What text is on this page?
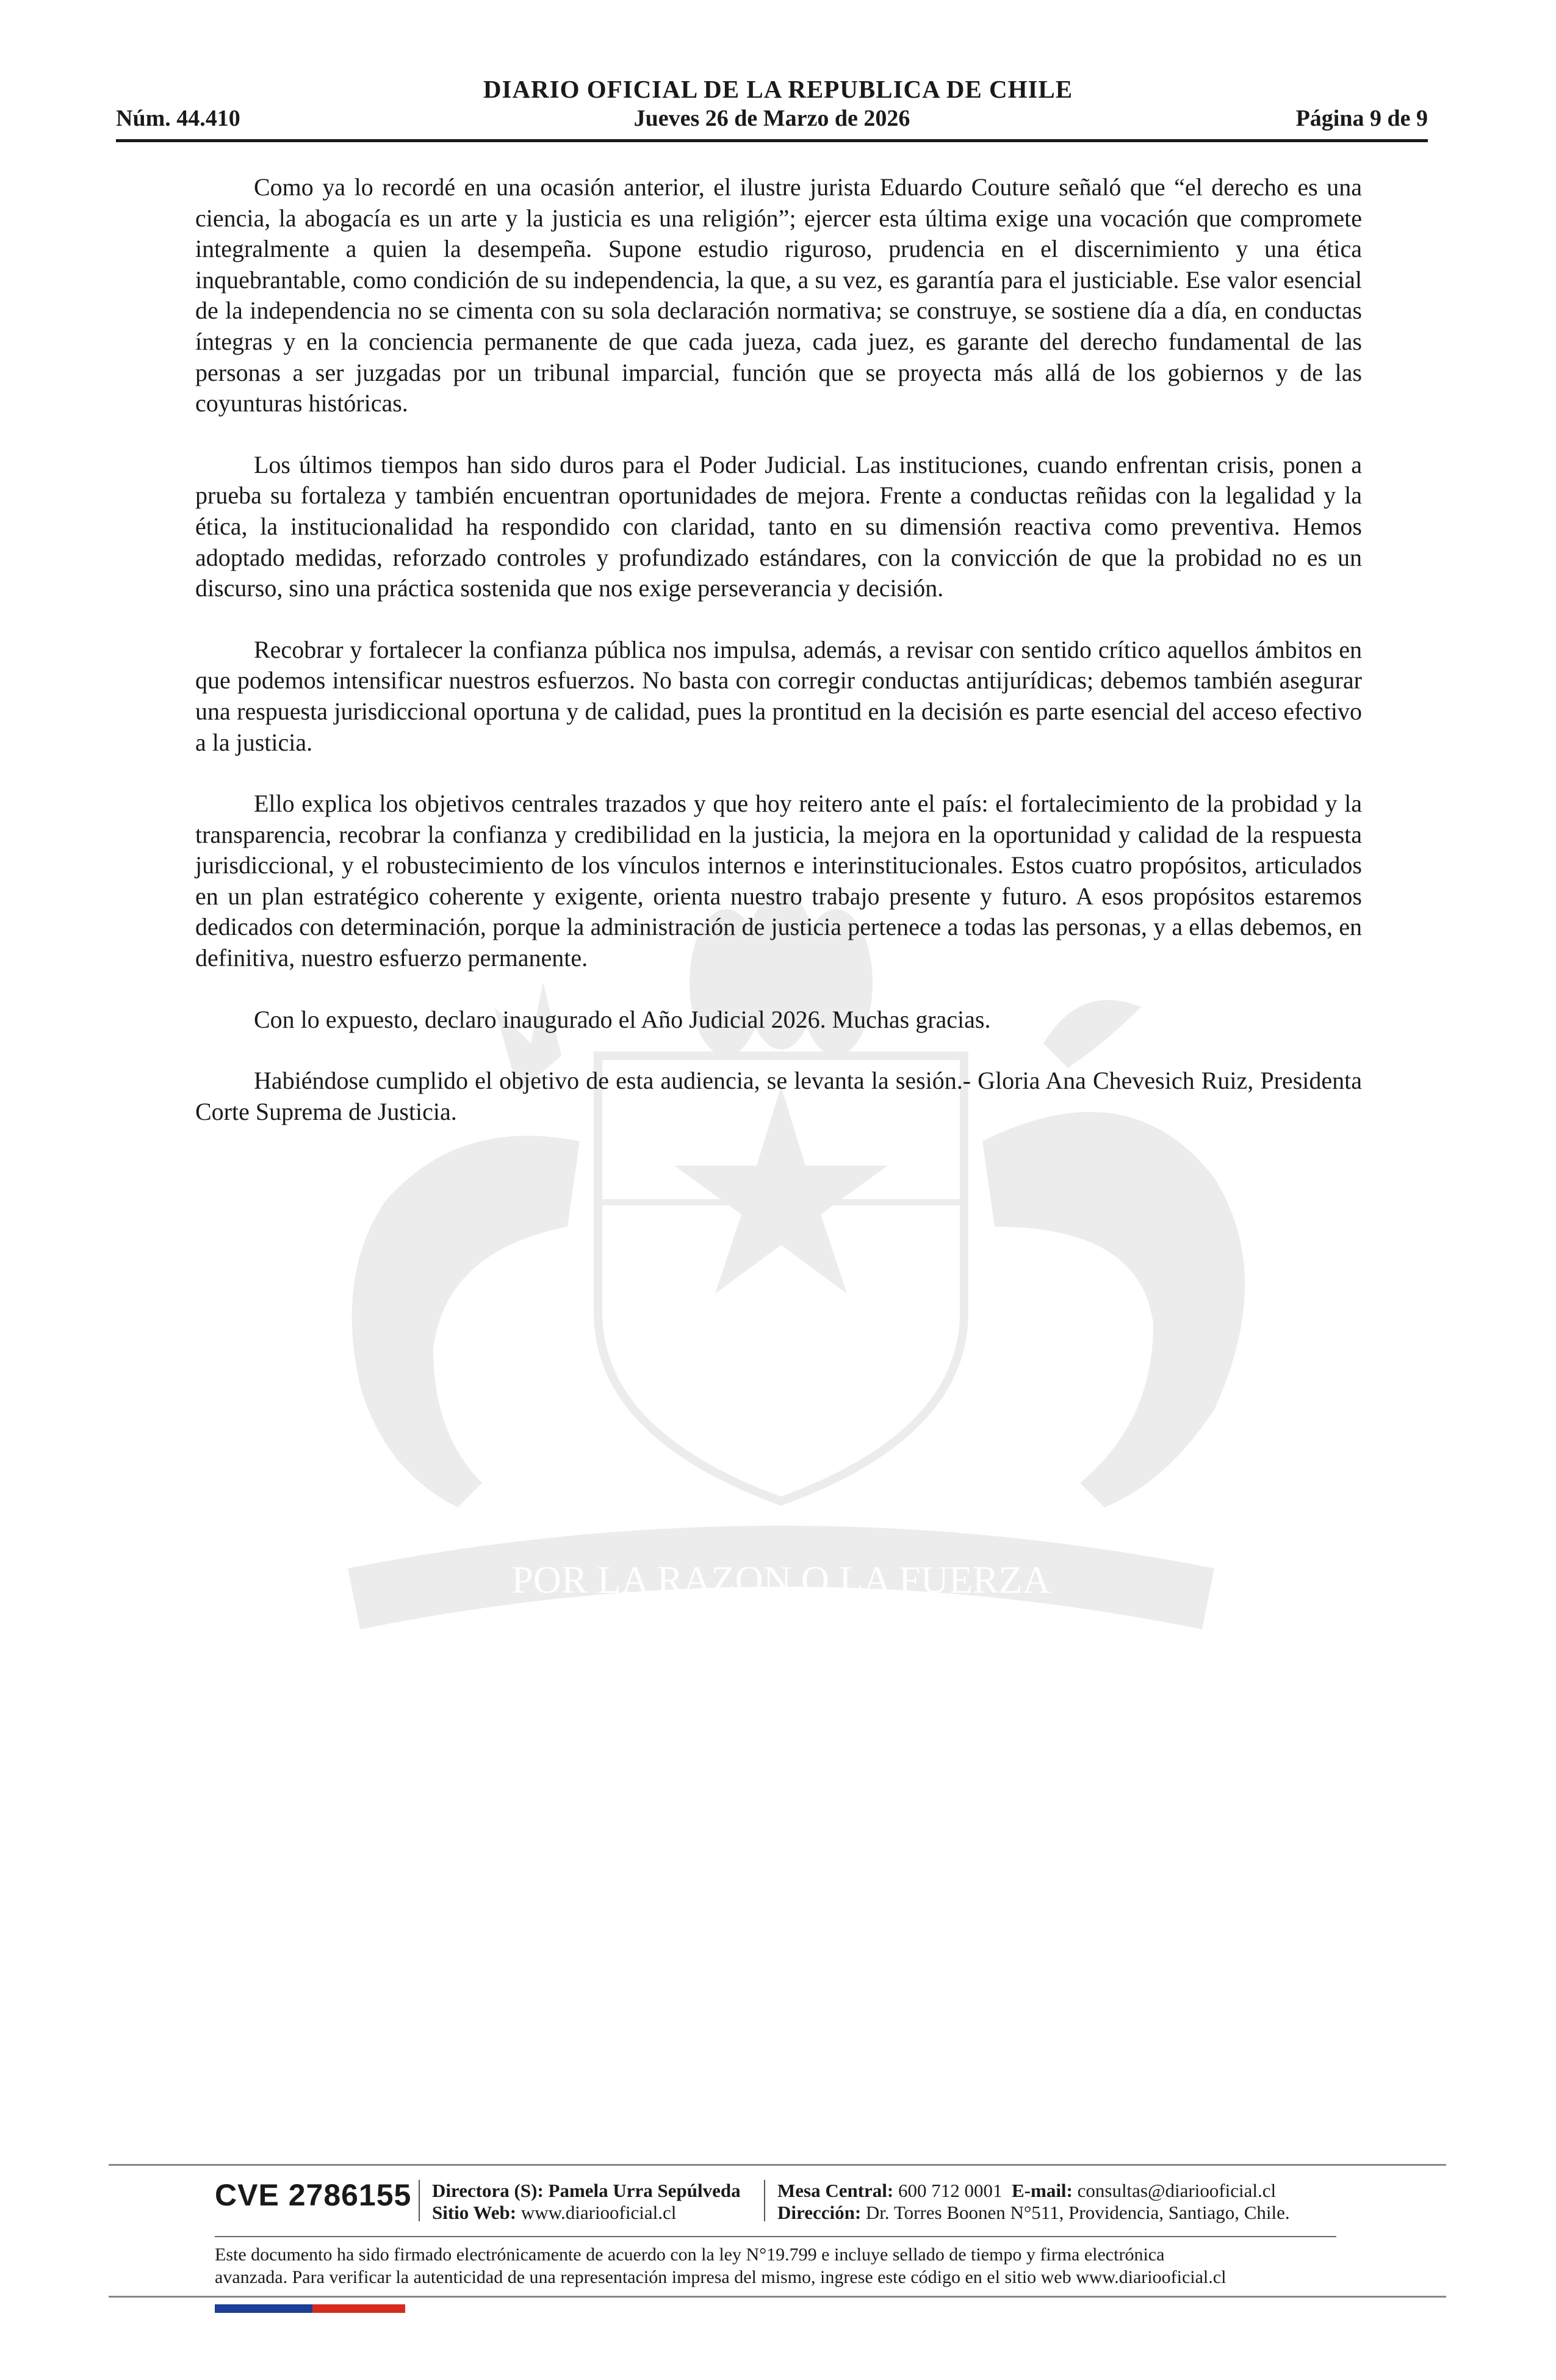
POR LA RAZON O LA FUERZA
DIARIO OFICIAL DE LA REPUBLICA DE CHILE
Núm. 44.410	Jueves 26 de Marzo de 2026	Página 9 de 9

Como ya lo recordé en una ocasión anterior, el ilustre jurista Eduardo Couture señaló que “el derecho es una ciencia, la abogacía es un arte y la justicia es una religión”; ejercer esta última exige una vocación que compromete integralmente a quien la desempeña. Supone estudio riguroso, prudencia en el discernimiento y una ética inquebrantable, como condición de su independencia, la que, a su vez, es garantía para el justiciable. Ese valor esencial de la independencia no se cimenta con su sola declaración normativa; se construye, se sostiene día a día, en conductas íntegras y en la conciencia permanente de que cada jueza, cada juez, es garante del derecho fundamental de las personas a ser juzgadas por un tribunal imparcial, función que se proyecta más allá de los gobiernos y de las coyunturas históricas.

Los últimos tiempos han sido duros para el Poder Judicial. Las instituciones, cuando enfrentan crisis, ponen a prueba su fortaleza y también encuentran oportunidades de mejora. Frente a conductas reñidas con la legalidad y la ética, la institucionalidad ha respondido con claridad, tanto en su dimensión reactiva como preventiva. Hemos adoptado medidas, reforzado controles y profundizado estándares, con la convicción de que la probidad no es un discurso, sino una práctica sostenida que nos exige perseverancia y decisión.

Recobrar y fortalecer la confianza pública nos impulsa, además, a revisar con sentido crítico aquellos ámbitos en que podemos intensificar nuestros esfuerzos. No basta con corregir conductas antijurídicas; debemos también asegurar una respuesta jurisdiccional oportuna y de calidad, pues la prontitud en la decisión es parte esencial del acceso efectivo a la justicia.

Ello explica los objetivos centrales trazados y que hoy reitero ante el país: el fortalecimiento de la probidad y la transparencia, recobrar la confianza y credibilidad en la justicia, la mejora en la oportunidad y calidad de la respuesta jurisdiccional, y el robustecimiento de los vínculos internos e interinstitucionales. Estos cuatro propósitos, articulados en un plan estratégico coherente y exigente, orienta nuestro trabajo presente y futuro. A esos propósitos estaremos dedicados con determinación, porque la administración de justicia pertenece a todas las personas, y a ellas debemos, en definitiva, nuestro esfuerzo permanente.

Con lo expuesto, declaro inaugurado el Año Judicial 2026. Muchas gracias.

Habiéndose cumplido el objetivo de esta audiencia, se levanta la sesión.- Gloria Ana Chevesich Ruiz, Presidenta Corte Suprema de Justicia.

CVE 2786155 Directora (S): Pamela Urra Sepúlveda
Sitio Web: www.diariooficial.cl
Mesa Central: 600 712 0001 E-mail: consultas@diariooficial.cl
Dirección: Dr. Torres Boonen N°511, Providencia, Santiago, Chile.
Este documento ha sido firmado electrónicamente de acuerdo con la ley N°19.799 e incluye sellado de tiempo y firma electrónica
avanzada. Para verificar la autenticidad de una representación impresa del mismo, ingrese este código en el sitio web www.diariooficial.cl
